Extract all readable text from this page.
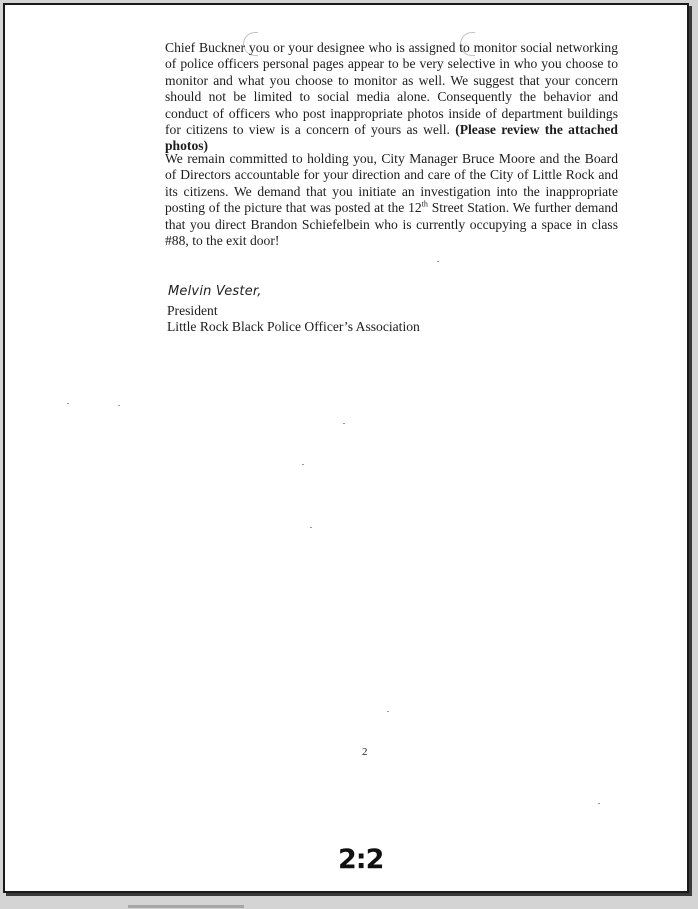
Chief Buckner you or your designee who is assigned to monitor social networking of police officers personal pages appear to be very selective in who you choose to monitor and what you choose to monitor as well. We suggest that your concern should not be limited to social media alone. Consequently the behavior and conduct of officers who post inappropriate photos inside of department buildings for citizens to view is a concern of yours as well. (Please review the attached photos)

We remain committed to holding you, City Manager Bruce Moore and the Board of Directors accountable for your direction and care of the City of Little Rock and its citizens. We demand that you initiate an investigation into the inappropriate posting of the picture that was posted at the 12th Street Station. We further demand that you direct Brandon Schiefelbein who is currently occupying a space in class #88, to the exit door!

Melvin Vester,
President
Little Rock Black Police Officer’s Association
2
2:2
